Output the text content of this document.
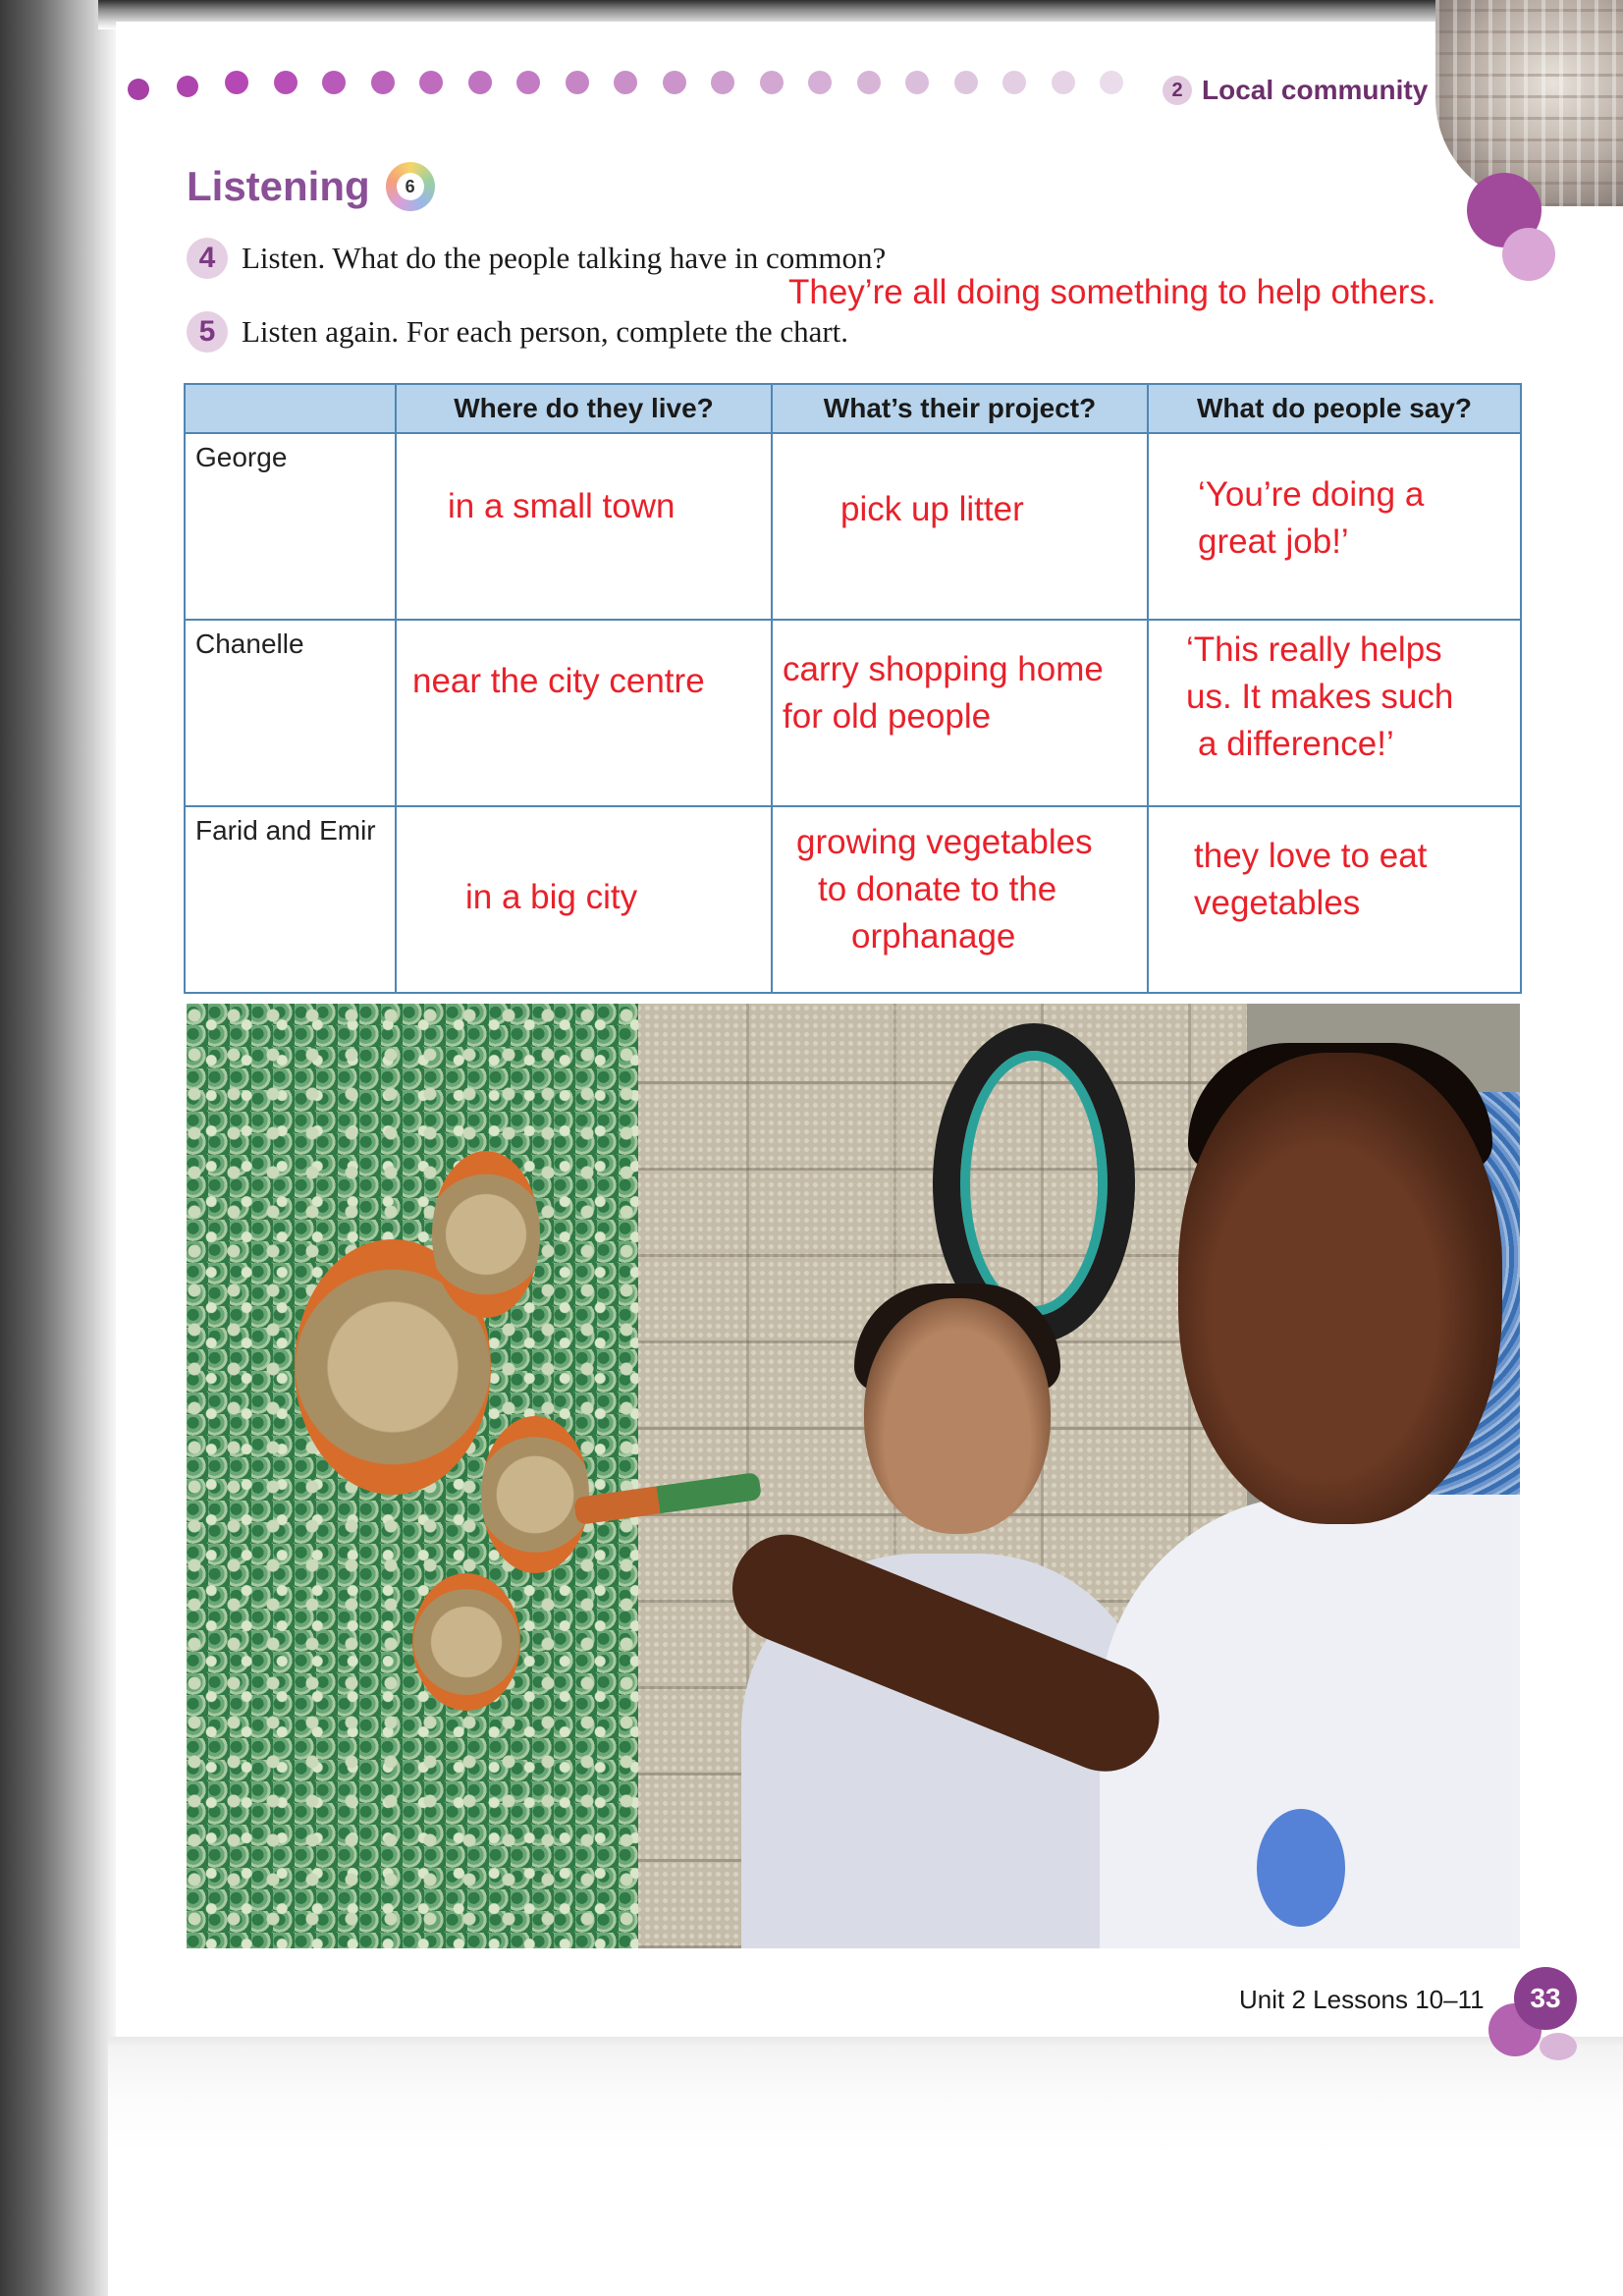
2 Local community
Listening	6
4 Listen. What do the people talking have in common?
They’re all doing something to help others.
5 Listen again. For each person, complete the chart.
	Where do they live?	What’s their project?	What do people say?

George	in a small town	pick up litter	‘You’re doing a
great job!’

Chanelle	near the city centre	carry shopping home
for old people	‘This really helps
us. It makes such
a difference!’

Farid and Emir	in a big city	growing vegetables
to donate to the
orphanage	they love to eat
vegetables
Unit 2 Lessons 10–11	33
